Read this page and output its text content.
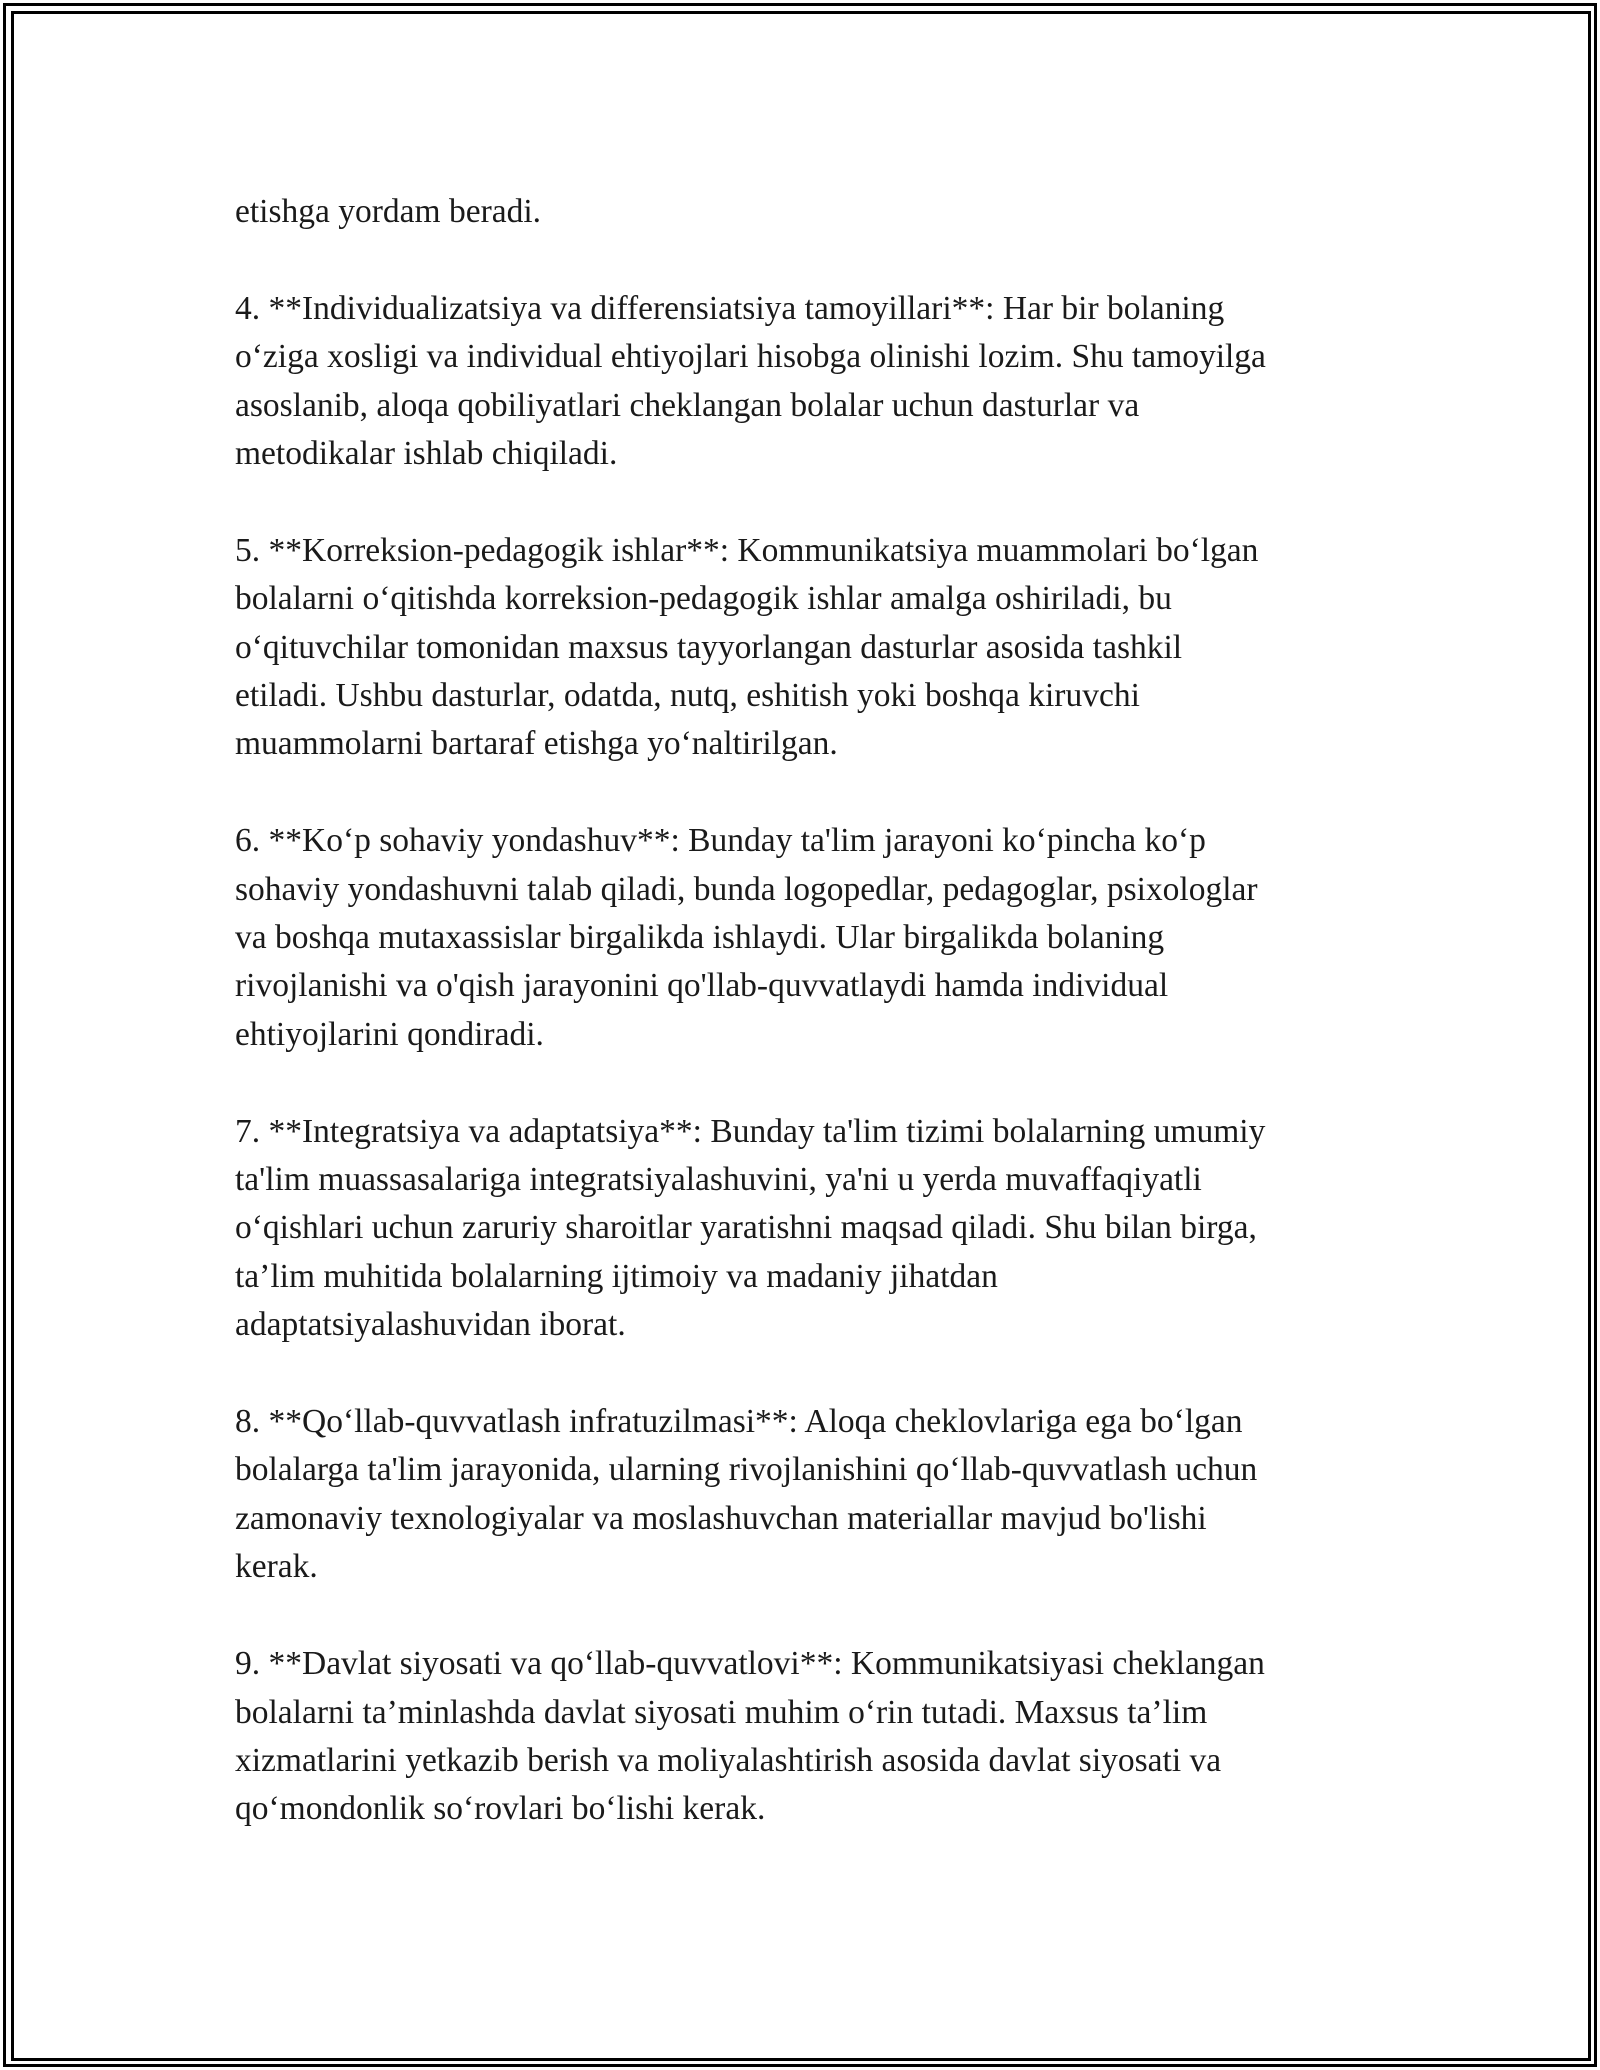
etishga yordam beradi.

4. **Individualizatsiya va differensiatsiya tamoyillari**: Har bir bolaning
o‘ziga xosligi va individual ehtiyojlari hisobga olinishi lozim. Shu tamoyilga
asoslanib, aloqa qobiliyatlari cheklangan bolalar uchun dasturlar va
metodikalar ishlab chiqiladi.

5. **Korreksion-pedagogik ishlar**: Kommunikatsiya muammolari bo‘lgan
bolalarni o‘qitishda korreksion-pedagogik ishlar amalga oshiriladi, bu
o‘qituvchilar tomonidan maxsus tayyorlangan dasturlar asosida tashkil
etiladi. Ushbu dasturlar, odatda, nutq, eshitish yoki boshqa kiruvchi
muammolarni bartaraf etishga yo‘naltirilgan.

6. **Ko‘p sohaviy yondashuv**: Bunday ta'lim jarayoni ko‘pincha ko‘p
sohaviy yondashuvni talab qiladi, bunda logopedlar, pedagoglar, psixologlar
va boshqa mutaxassislar birgalikda ishlaydi. Ular birgalikda bolaning
rivojlanishi va o'qish jarayonini qo'llab-quvvatlaydi hamda individual
ehtiyojlarini qondiradi.

7. **Integratsiya va adaptatsiya**: Bunday ta'lim tizimi bolalarning umumiy
ta'lim muassasalariga integratsiyalashuvini, ya'ni u yerda muvaffaqiyatli
o‘qishlari uchun zaruriy sharoitlar yaratishni maqsad qiladi. Shu bilan birga,
ta’lim muhitida bolalarning ijtimoiy va madaniy jihatdan
adaptatsiyalashuvidan iborat.

8. **Qo‘llab-quvvatlash infratuzilmasi**: Aloqa cheklovlariga ega bo‘lgan
bolalarga ta'lim jarayonida, ularning rivojlanishini qo‘llab-quvvatlash uchun
zamonaviy texnologiyalar va moslashuvchan materiallar mavjud bo'lishi
kerak.

9. **Davlat siyosati va qo‘llab-quvvatlovi**: Kommunikatsiyasi cheklangan
bolalarni ta’minlashda davlat siyosati muhim o‘rin tutadi. Maxsus ta’lim
xizmatlarini yetkazib berish va moliyalashtirish asosida davlat siyosati va
qo‘mondonlik so‘rovlari bo‘lishi kerak.
